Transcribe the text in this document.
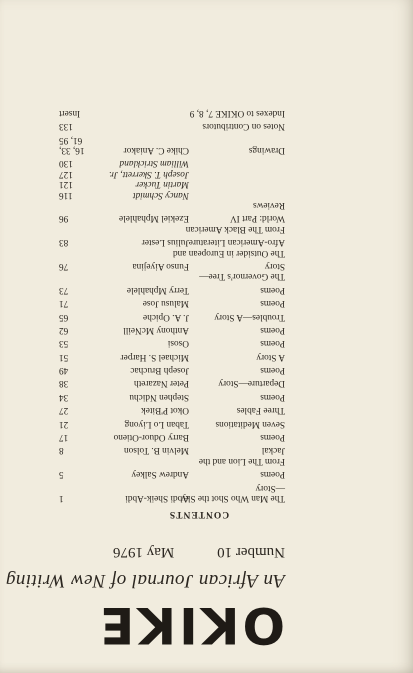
OKIKE
An African Journal of New Writing
Number 10
May 1976
CONTENTS
The Man Who Shot the Sky
Abdi Sheik-Abdi
1
—Story
Poems
Andrew Salkey
5
From The Lion and the
Jackal
Melvin B. Tolson
8
Poems
Barry Oduor-Otieno
17
Seven Meditations
Taban Lo Liyong
21
Three Fables
Okot P'Bitek
27
Poems
Stephen Ndichu
34
Departure—Story
Peter Nazareth
38
Poems
Joseph Bruchac
49
A Story
Michael S. Harper
51
Poems
Ososi
53
Poems
Anthony McNeill
62
Troubles—A Story
J. A. Opiche
65
Poems
Malusu Jose
71
Poems
Terry Mphahlele
73
The Governor's Tree—
Story
Funso Aiyejina
76
The Outsider in European and
Afro-American Literature
Julius Lester
83
From The Black American
World: Part IV
Ezekiel Mphahlele
96
Reviews
Nancy Schmidt
116
Martin Tucker
121
Joseph T. Skerrett, Jr.
127
William Strickland
130
Drawings
Chike C. Aniakor
16, 33,
61, 95
Notes on Contributors
133
Indexes to OKIKE 7, 8, 9
Insert
